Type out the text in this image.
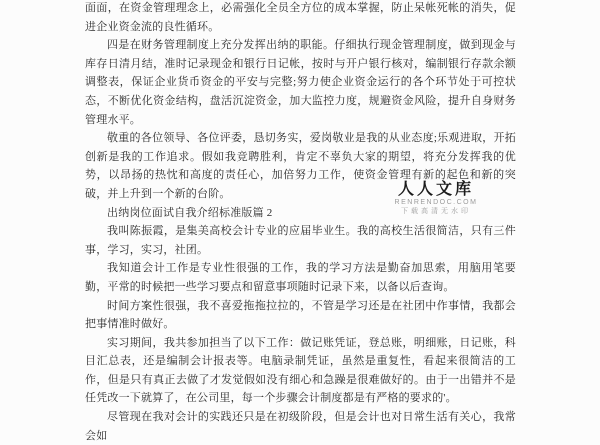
面面，在资金管理理念上，必需强化全员全方位的成本掌握，防止呆帐死帐的消失，促进企业资金流的良性循环。

四是在财务管理制度上充分发挥出纳的职能。仔细执行现金管理制度，做到现金与库存日清月结，准时记录现金和银行日记帐，按时与开户银行核对，编制银行存款余额调整表，保证企业货币资金的平安与完整;努力使企业资金运行的各个环节处于可控状态，不断优化资金结构，盘活沉淀资金，加大监控力度，规避资金风险，提升自身财务管理水平。

敬重的各位领导、各位评委，恳切务实，爱岗敬业是我的从业态度;乐观进取，开拓创新是我的工作追求。假如我竞聘胜利，肯定不辜负大家的期望，将充分发挥我的优势，以昂扬的热忱和高度的责任心，加倍努力工作，使资金管理有新的起色和新的突破，并上升到一个新的台阶。

出纳岗位面试自我介绍标准版篇 2

我叫陈振霞，是集美高校会计专业的应届毕业生。我的高校生活很简洁，只有三件事，学习，实习，社团。

我知道会计工作是专业性很强的工作，我的学习方法是勤奋加思索，用脑用笔要勤，平常的时候把一些学习要点和留意事项随时记录下来，以备以后查询。

时间方案性很强，我不喜爱拖拖拉拉的，不管是学习还是在社团中作事情，我都会把事情准时做好。

实习期间，我共参加担当了以下工作：做记账凭证，登总账，明细账，日记账，科目汇总表，还是编制会计报表等。电脑录制凭证，虽然是重复性，看起来很简洁的工作，但是只有真正去做了才发觉假如没有细心和急躁是很难做好的。由于一出错并不是任凭改一下就算了，在公司里，每一个步骤会计制度都是有严格的要求的'。

尽管现在我对会计的实践还只是在初级阶段，但是会计也对日常生活有关心，我常会如

人人文库
RENRENDOC.COM
下载高清无水印
